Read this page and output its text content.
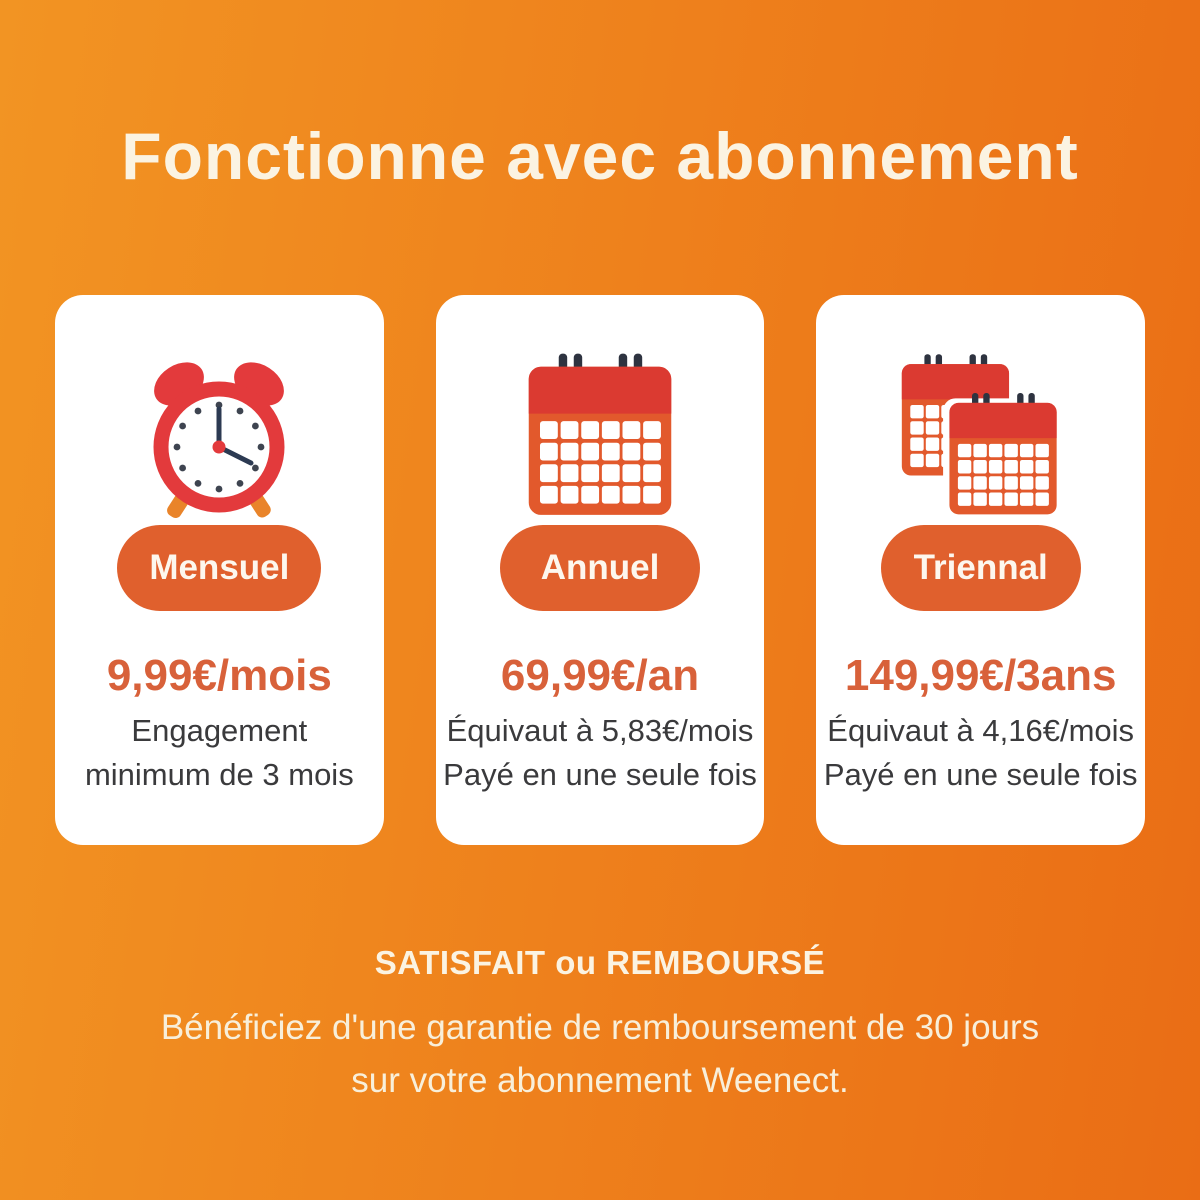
Fonctionne avec abonnement
Mensuel
9,99€/mois
Engagement
minimum de 3 mois
Annuel
69,99€/an
Équivaut à 5,83€/mois
Payé en une seule fois
Triennal
149,99€/3ans
Équivaut à 4,16€/mois
Payé en une seule fois
SATISFAIT ou REMBOURSÉ
Bénéficiez d'une garantie de remboursement de 30 jours
sur votre abonnement Weenect.
